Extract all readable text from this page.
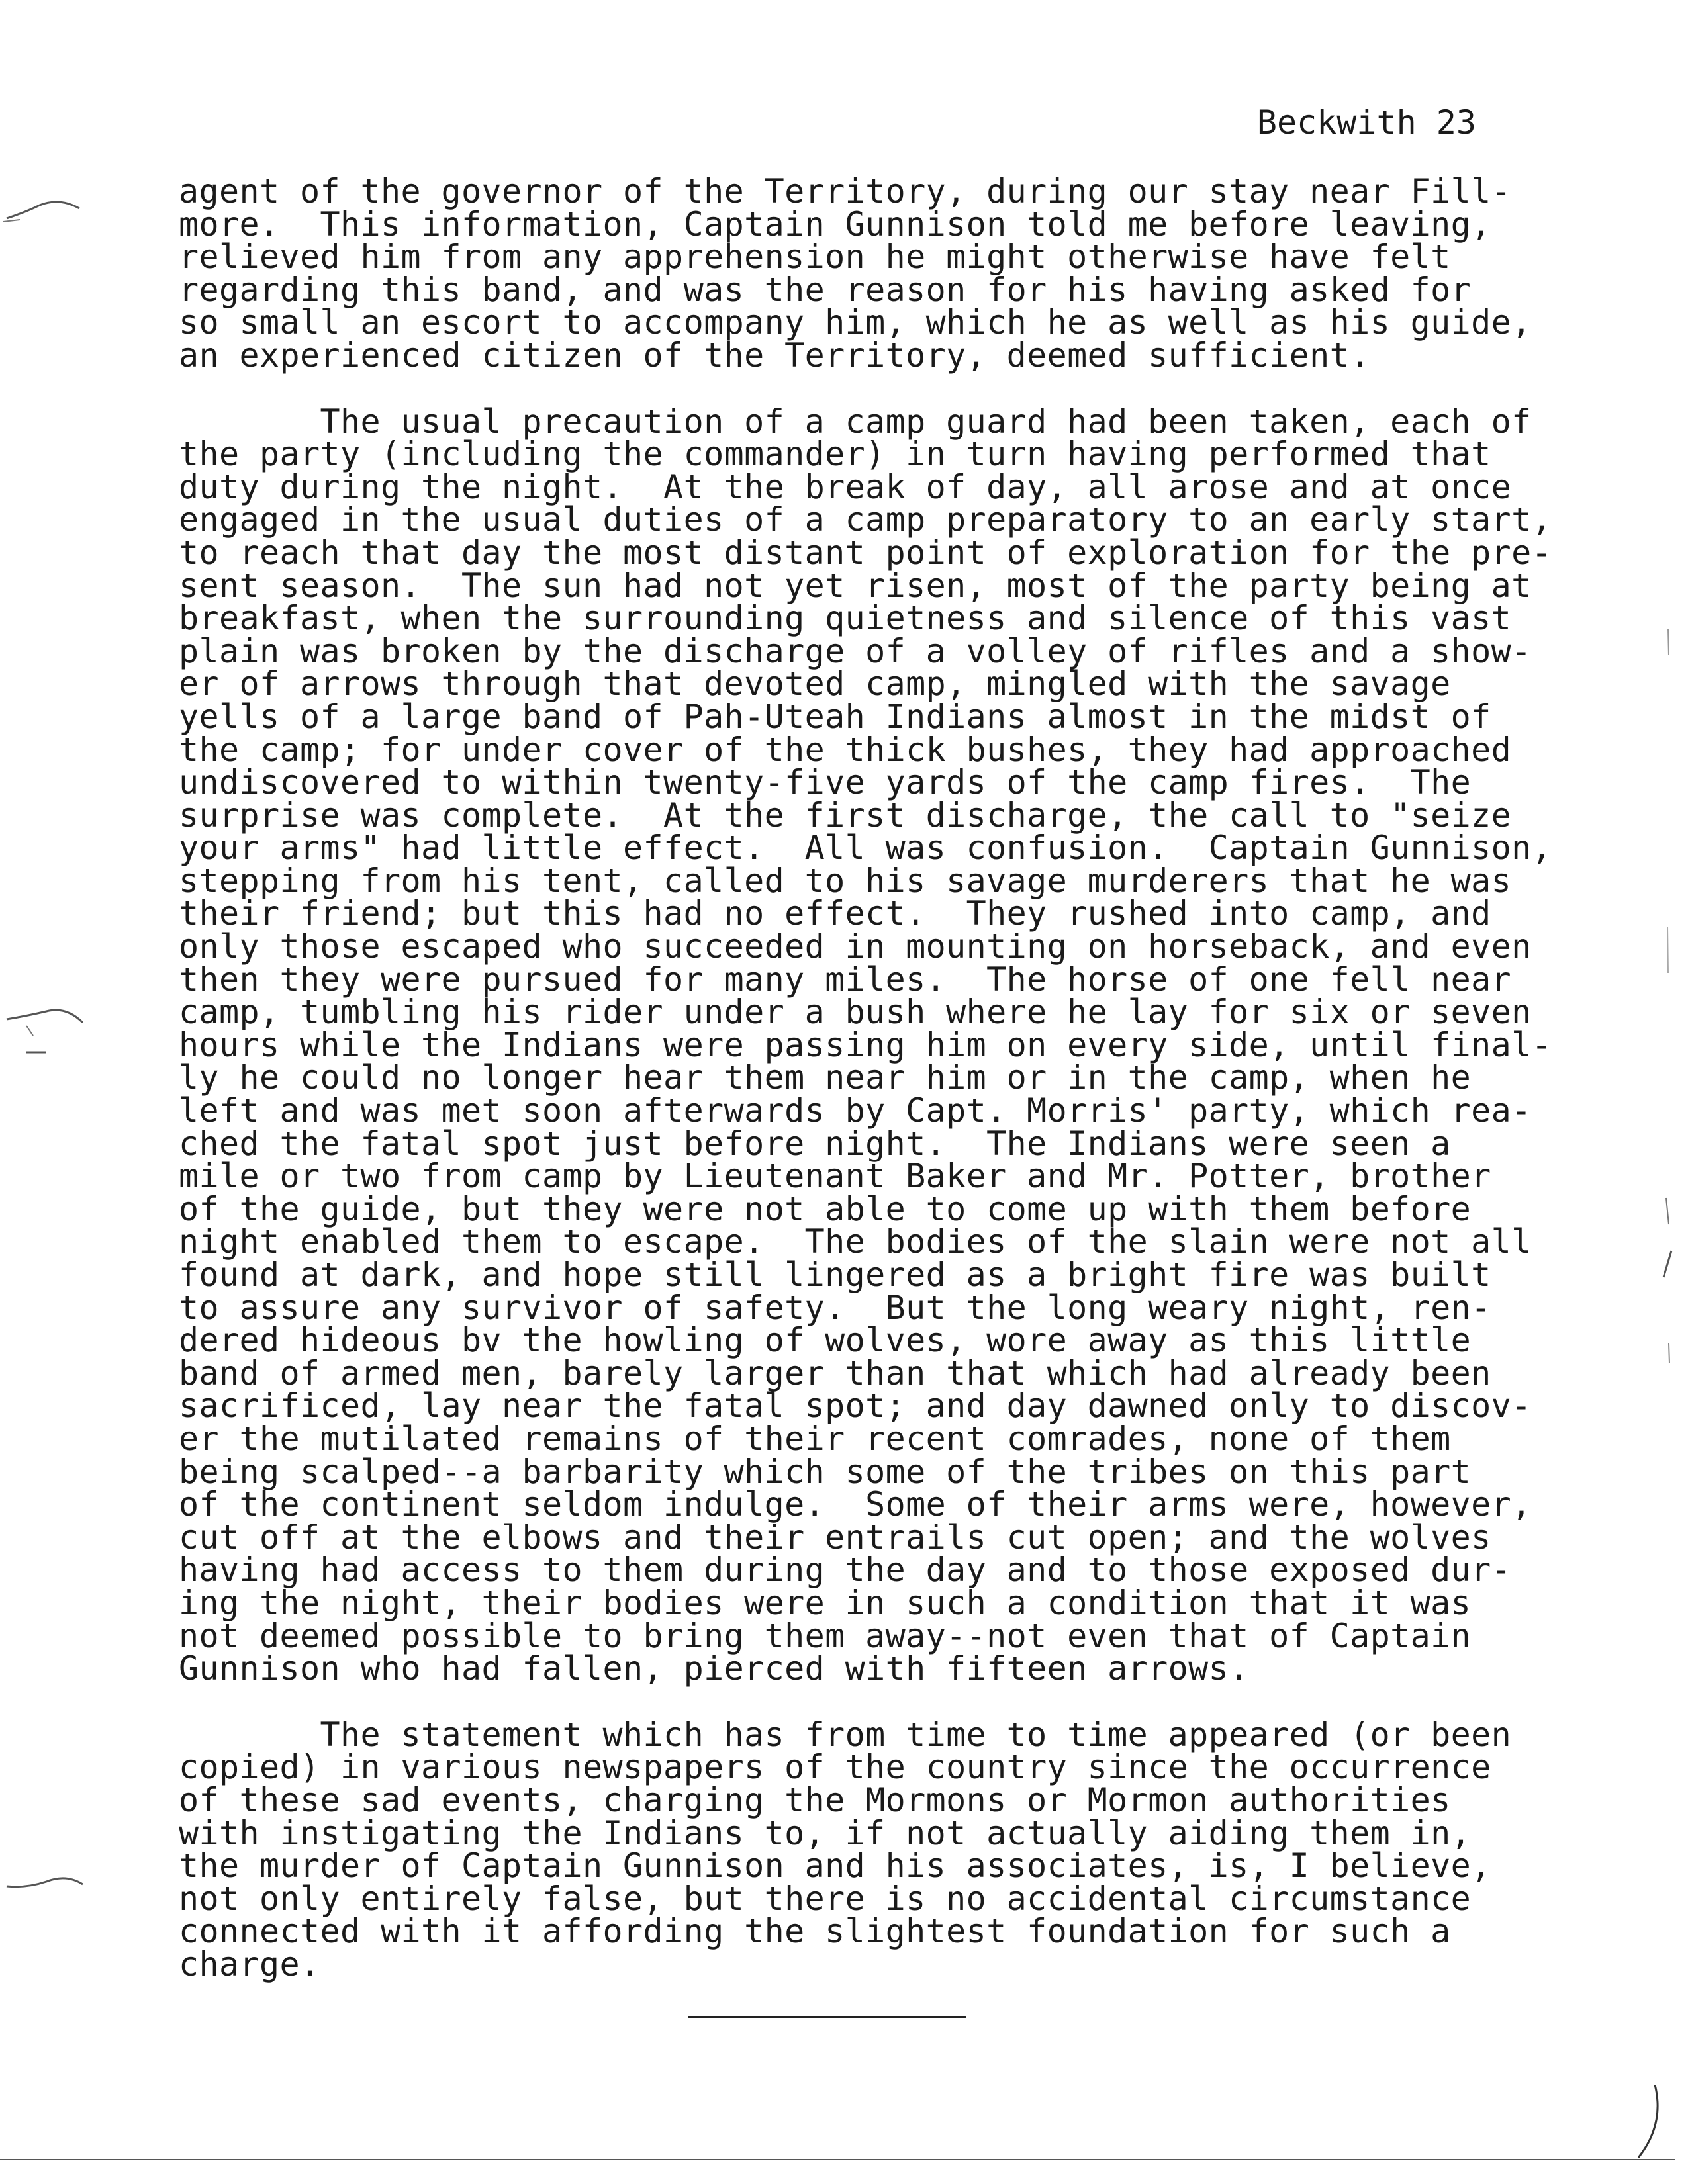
Beckwith 23
agent of the governor of the Territory, during our stay near Fill-
more.  This information, Captain Gunnison told me before leaving,
relieved him from any apprehension he might otherwise have felt
regarding this band, and was the reason for his having asked for
so small an escort to accompany him, which he as well as his guide,
an experienced citizen of the Territory, deemed sufficient.
The usual precaution of a camp guard had been taken, each of
the party (including the commander) in turn having performed that
duty during the night.  At the break of day, all arose and at once
engaged in the usual duties of a camp preparatory to an early start,
to reach that day the most distant point of exploration for the pre-
sent season.  The sun had not yet risen, most of the party being at
breakfast, when the surrounding quietness and silence of this vast
plain was broken by the discharge of a volley of rifles and a show-
er of arrows through that devoted camp, mingled with the savage
yells of a large band of Pah-Uteah Indians almost in the midst of
the camp; for under cover of the thick bushes, they had approached
undiscovered to within twenty-five yards of the camp fires.  The
surprise was complete.  At the first discharge, the call to "seize
your arms" had little effect.  All was confusion.  Captain Gunnison,
stepping from his tent, called to his savage murderers that he was
their friend; but this had no effect.  They rushed into camp, and
only those escaped who succeeded in mounting on horseback, and even
then they were pursued for many miles.  The horse of one fell near
camp, tumbling his rider under a bush where he lay for six or seven
hours while the Indians were passing him on every side, until final-
ly he could no longer hear them near him or in the camp, when he
left and was met soon afterwards by Capt. Morris' party, which rea-
ched the fatal spot just before night.  The Indians were seen a
mile or two from camp by Lieutenant Baker and Mr. Potter, brother
of the guide, but they were not able to come up with them before
night enabled them to escape.  The bodies of the slain were not all
found at dark, and hope still lingered as a bright fire was built
to assure any survivor of safety.  But the long weary night, ren-
dered hideous bv the howling of wolves, wore away as this little
band of armed men, barely larger than that which had already been
sacrificed, lay near the fatal spot; and day dawned only to discov-
er the mutilated remains of their recent comrades, none of them
being scalped--a barbarity which some of the tribes on this part
of the continent seldom indulge.  Some of their arms were, however,
cut off at the elbows and their entrails cut open; and the wolves
having had access to them during the day and to those exposed dur-
ing the night, their bodies were in such a condition that it was
not deemed possible to bring them away--not even that of Captain
Gunnison who had fallen, pierced with fifteen arrows.
The statement which has from time to time appeared (or been
copied) in various newspapers of the country since the occurrence
of these sad events, charging the Mormons or Mormon authorities
with instigating the Indians to, if not actually aiding them in,
the murder of Captain Gunnison and his associates, is, I believe,
not only entirely false, but there is no accidental circumstance
connected with it affording the slightest foundation for such a
charge.
